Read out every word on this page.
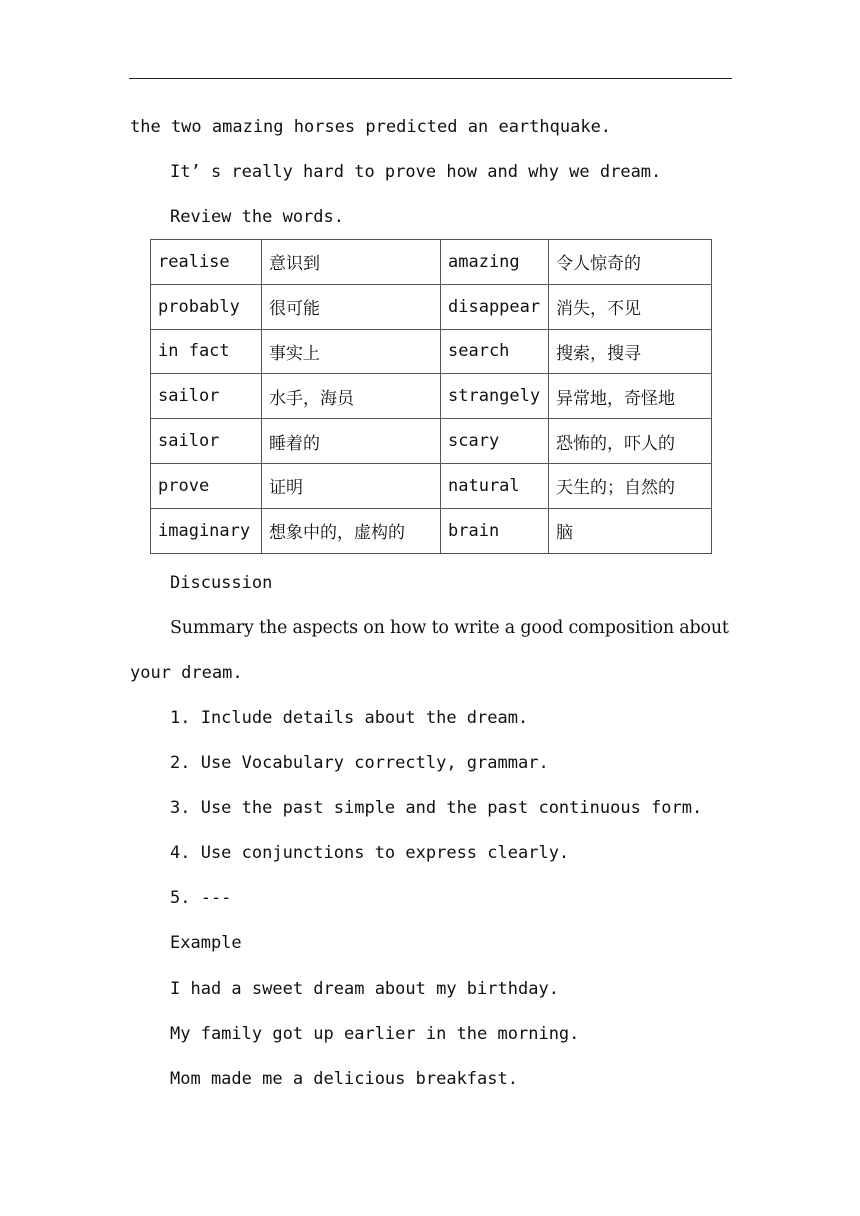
the two amazing horses predicted an earthquake.
It’ s really hard to prove how and why we dream.
Review the words.
realise	意识到	amazing	令人惊奇的
probably	很可能	disappear	消失，不见
in fact	事实上	search	搜索，搜寻
sailor	水手，海员	strangely	异常地，奇怪地
sailor	睡着的	scary	恐怖的，吓人的
prove	证明	natural	天生的；自然的
imaginary	想象中的，虚构的	brain	脑
Discussion
Summary the aspects on how to write a good composition about
your dream.
1. Include details about the dream.
2. Use Vocabulary correctly, grammar.
3. Use the past simple and the past continuous form.
4. Use conjunctions to express clearly.
5. ---
Example
I had a sweet dream about my birthday.
My family got up earlier in the morning.
Mom made me a delicious breakfast.
